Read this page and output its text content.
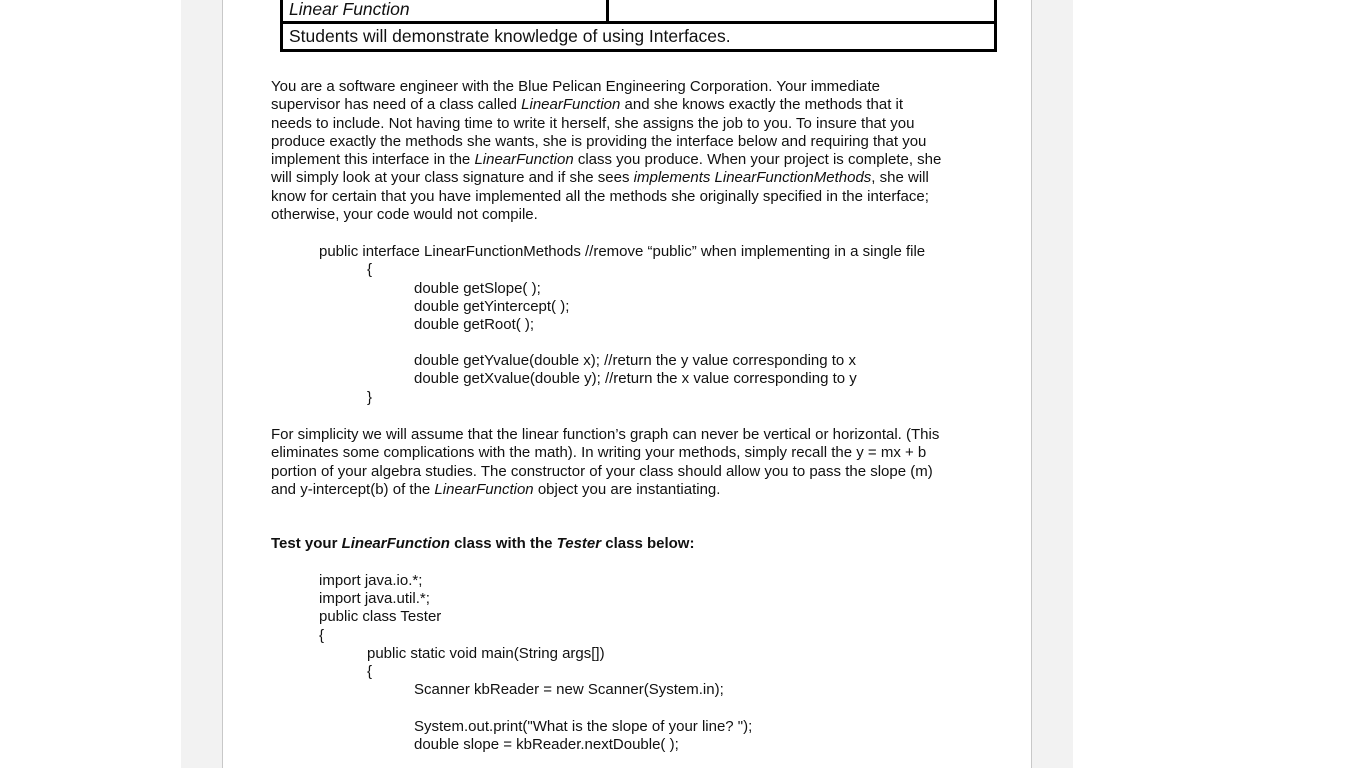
Linear Function
Students will demonstrate knowledge of using Interfaces.
You are a software engineer with the Blue Pelican Engineering Corporation. Your immediate
supervisor has need of a class called LinearFunction and she knows exactly the methods that it
needs to include. Not having time to write it herself, she assigns the job to you. To insure that you
produce exactly the methods she wants, she is providing the interface below and requiring that you
implement this interface in the LinearFunction class you produce. When your project is complete, she
will simply look at your class signature and if she sees implements LinearFunctionMethods, she will
know for certain that you have implemented all the methods she originally specified in the interface;
otherwise, your code would not compile.
public interface LinearFunctionMethods //remove “public” when implementing in a single file
{
double getSlope( );
double getYintercept( );
double getRoot( );
double getYvalue(double x); //return the y value corresponding to x
double getXvalue(double y); //return the x value corresponding to y
}
For simplicity we will assume that the linear function’s graph can never be vertical or horizontal. (This
eliminates some complications with the math). In writing your methods, simply recall the y = mx + b
portion of your algebra studies. The constructor of your class should allow you to pass the slope (m)
and y-intercept(b) of the LinearFunction object you are instantiating.
Test your LinearFunction class with the Tester class below:
import java.io.*;
import java.util.*;
public class Tester
{
public static void main(String args[])
{
Scanner kbReader = new Scanner(System.in);
System.out.print("What is the slope of your line? ");
double slope = kbReader.nextDouble( );
